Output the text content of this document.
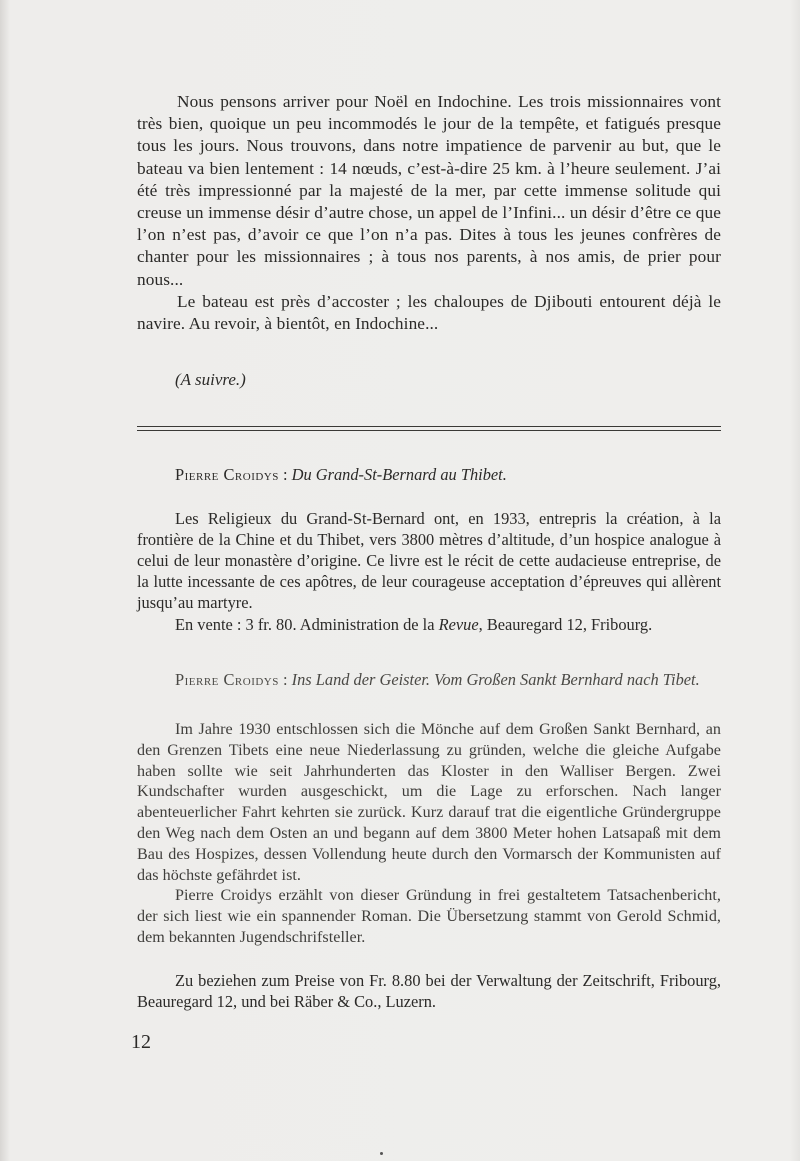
Nous pensons arriver pour Noël en Indochine. Les trois missionnaires vont très bien, quoique un peu incommodés le jour de la tempête, et fatigués presque tous les jours. Nous trouvons, dans notre impatience de parvenir au but, que le bateau va bien lentement : 14 nœuds, c’est-à-dire 25 km. à l’heure seulement. J’ai été très impressionné par la majesté de la mer, par cette immense solitude qui creuse un immense désir d’autre chose, un appel de l’Infini... un désir d’être ce que l’on n’est pas, d’avoir ce que l’on n’a pas. Dites à tous les jeunes confrères de chanter pour les missionnaires ; à tous nos parents, à nos amis, de prier pour nous...

Le bateau est près d’accoster ; les chaloupes de Djibouti entourent déjà le navire. Au revoir, à bientôt, en Indochine...

(A suivre.)

Pierre Croidys : Du Grand-St-Bernard au Thibet.

Les Religieux du Grand-St-Bernard ont, en 1933, entrepris la création, à la frontière de la Chine et du Thibet, vers 3800 mètres d’altitude, d’un hospice analogue à celui de leur monastère d’origine. Ce livre est le récit de cette audacieuse entreprise, de la lutte incessante de ces apôtres, de leur courageuse acceptation d’épreuves qui allèrent jusqu’au martyre.

En vente : 3 fr. 80. Administration de la Revue, Beauregard 12, Fribourg.

Pierre Croidys : Ins Land der Geister. Vom Großen Sankt Bernhard nach Tibet.

Im Jahre 1930 entschlossen sich die Mönche auf dem Großen Sankt Bernhard, an den Grenzen Tibets eine neue Niederlassung zu gründen, welche die gleiche Aufgabe haben sollte wie seit Jahrhunderten das Kloster in den Walliser Bergen. Zwei Kundschafter wurden ausgeschickt, um die Lage zu erforschen. Nach langer abenteuerlicher Fahrt kehrten sie zurück. Kurz darauf trat die eigentliche Gründergruppe den Weg nach dem Osten an und begann auf dem 3800 Meter hohen Latsapaß mit dem Bau des Hospizes, dessen Vollendung heute durch den Vormarsch der Kommunisten auf das höchste gefährdet ist.

Pierre Croidys erzählt von dieser Gründung in frei gestaltetem Tatsachenbericht, der sich liest wie ein spannender Roman. Die Übersetzung stammt von Gerold Schmid, dem bekannten Jugendschrifsteller.

Zu beziehen zum Preise von Fr. 8.80 bei der Verwaltung der Zeitschrift, Fribourg, Beauregard 12, und bei Räber & Co., Luzern.

12
